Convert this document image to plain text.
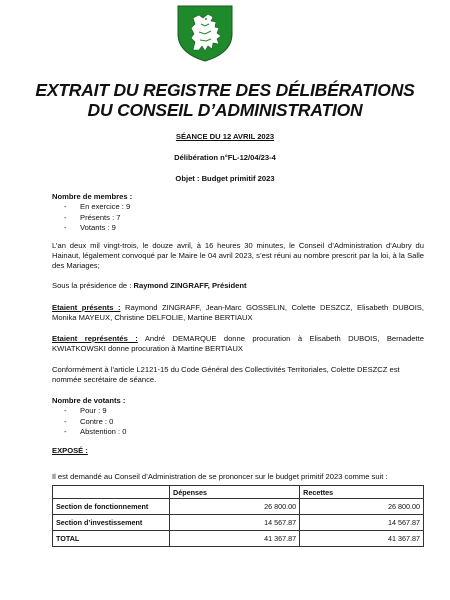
EXTRAIT DU REGISTRE DES DÉLIBÉRATIONS
DU CONSEIL D’ADMINISTRATION

SÉANCE DU 12 AVRIL 2023

Délibération n°FL-12/04/23-4

Objet : Budget primitif 2023

Nombre de membres :

- En exercice : 9
- Présents : 7
- Votants : 9

L’an deux mil vingt-trois, le douze avril, à 16 heures 30 minutes, le Conseil d’Administration d’Aubry du Hainaut, légalement convoqué par le Maire le 04 avril 2023, s’est réuni au nombre prescrit par la loi, à la Salle des Mariages;

Sous la présidence de : Raymond ZINGRAFF, Président

Etaient présents : Raymond ZINGRAFF, Jean-Marc GOSSELIN, Colette DESZCZ, Elisabeth DUBOIS, Monika MAYEUX, Christine DELFOLIE, Martine BERTIAUX

Etaient représentés : André DEMARQUE donne procuration à Elisabeth DUBOIS, Bernadette KWIATKOWSKI donne procuration à Martine BERTIAUX

Conformément à l’article L2121-15 du Code Général des Collectivités Territoriales, Colette DESZCZ est nommée secrétaire de séance.

Nombre de votants :

- Pour : 9
- Contre : 0
- Abstention : 0

EXPOSÉ :

Il est demandé au Conseil d’Administration de se prononcer sur le budget primitif 2023 comme suit :

	Dépenses	Recettes
Section de fonctionnement	26 800.00	26 800.00
Section d’investissement	14 567.87	14 567.87
TOTAL	41 367.87	41 367.87
